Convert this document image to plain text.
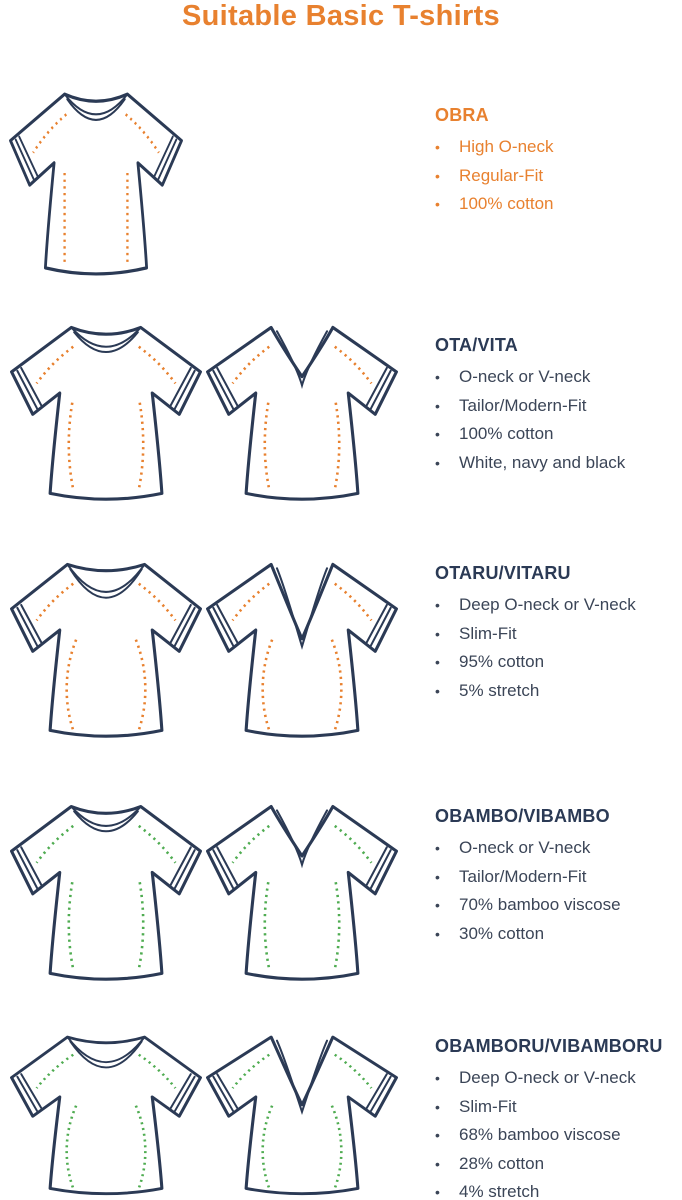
Suitable Basic T-shirts
OBRA
•	High O-neck
•	Regular-Fit
•	100% cotton
OTA/VITA
•	O-neck or V-neck
•	Tailor/Modern-Fit
•	100% cotton
•	White, navy and black
OTARU/VITARU
•	Deep O-neck or V-neck
•	Slim-Fit
•	95% cotton
•	5% stretch
OBAMBO/VIBAMBO
•	O-neck or V-neck
•	Tailor/Modern-Fit
•	70% bamboo viscose
•	30% cotton
OBAMBORU/VIBAMBORU
•	Deep O-neck or V-neck
•	Slim-Fit
•	68% bamboo viscose
•	28% cotton
•	4% stretch
